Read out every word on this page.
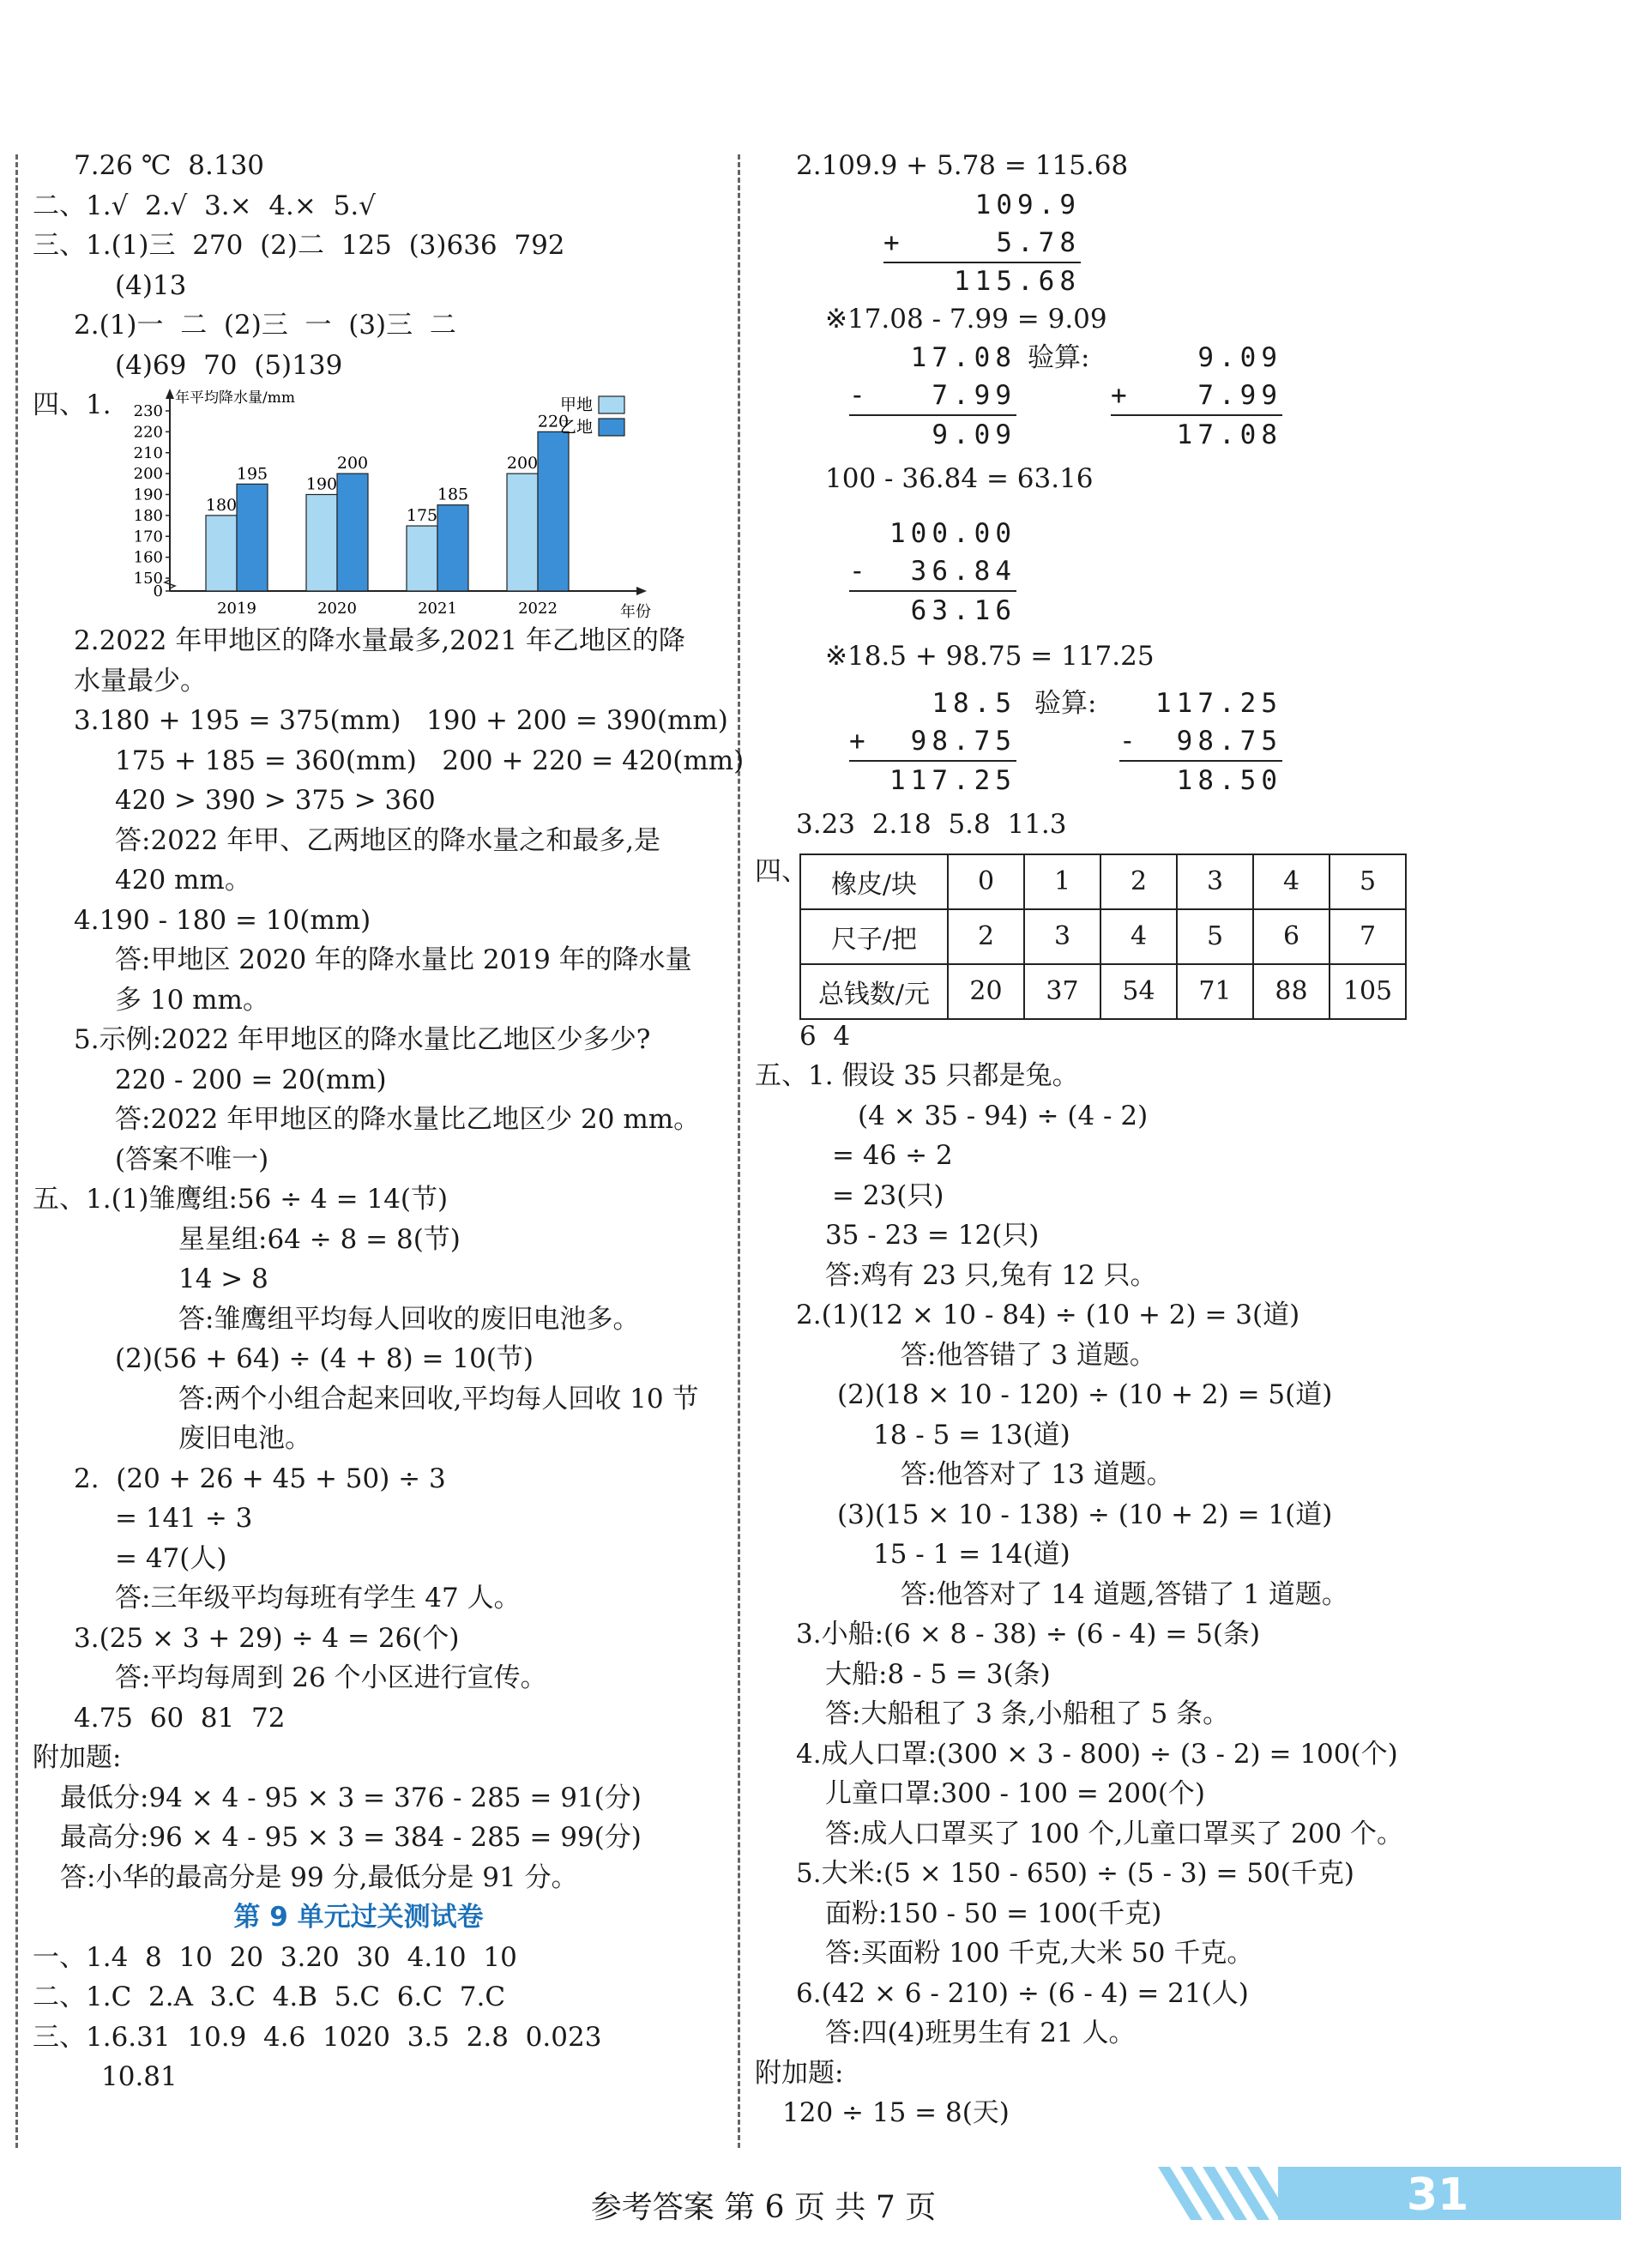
7.26 ℃  8.130
二、1.√  2.√  3.×  4.×  5.√
三、1.(1)三  270  (2)二  125  (3)636  792
(4)13
2.(1)一  二  (2)三  一  (3)三  二
(4)69  70  (5)139
四、1.	年平均降水量/mm
年份
0
150
160
170
180
190
200
210
220
230
180
195
2019
190
200
2020
175
185
2021
200
220
2022
甲地
乙地
2.2022 年甲地区的降水量最多,2021 年乙地区的降
水量最少。
3.180 + 195 = 375(mm)   190 + 200 = 390(mm)
175 + 185 = 360(mm)   200 + 220 = 420(mm)
420 > 390 > 375 > 360
答:2022 年甲、乙两地区的降水量之和最多,是
420 mm。
4.190 - 180 = 10(mm)
答:甲地区 2020 年的降水量比 2019 年的降水量
多 10 mm。
5.示例:2022 年甲地区的降水量比乙地区少多少?
220 - 200 = 20(mm)
答:2022 年甲地区的降水量比乙地区少 20 mm。
(答案不唯一)
五、1.(1)雏鹰组:56 ÷ 4 = 14(节)
星星组:64 ÷ 8 = 8(节)
14 > 8
答:雏鹰组平均每人回收的废旧电池多。
(2)(56 + 64) ÷ (4 + 8) = 10(节)
答:两个小组合起来回收,平均每人回收 10 节
废旧电池。
2.  (20 + 26 + 45 + 50) ÷ 3
= 141 ÷ 3
= 47(人)
答:三年级平均每班有学生 47 人。
3.(25 × 3 + 29) ÷ 4 = 26(个)
答:平均每周到 26 个小区进行宣传。
4.75  60  81  72
附加题:
最低分:94 × 4 - 95 × 3 = 376 - 285 = 91(分)
最高分:96 × 4 - 95 × 3 = 384 - 285 = 99(分)
答:小华的最高分是 99 分,最低分是 91 分。
第 9 单元过关测试卷
一、1.4  8  10  20  3.20  30  4.10  10
二、1.C  2.A  3.C  4.B  5.C  6.C  7.C
三、1.6.31  10.9  4.6  1020  3.5  2.8  0.023
10.81
2.109.9 + 5.78 = 115.68
109.9
+	5.78
115.68
※17.08 - 7.99 = 9.09
17.08
- 7.99
9.09
验算:	9.09
+ 7.99
17.08
100 - 36.84 = 63.16
100.00
- 36.84
63.16
※18.5 + 98.75 = 117.25
18.5
+ 98.75
117.25
验算:	117.25
- 98.75
18.50
3.23  2.18  5.8  11.3
四、 橡皮/块	0	1	2	3	4	5
尺子/把	2	3	4	5	6	7
总钱数/元	20	37	54	71	88	105
6  4
五、1. 假设 35 只都是兔。
(4 × 35 - 94) ÷ (4 - 2)
= 46 ÷ 2
= 23(只)
35 - 23 = 12(只)
答:鸡有 23 只,兔有 12 只。
2.(1)(12 × 10 - 84) ÷ (10 + 2) = 3(道)
答:他答错了 3 道题。
(2)(18 × 10 - 120) ÷ (10 + 2) = 5(道)
18 - 5 = 13(道)
答:他答对了 13 道题。
(3)(15 × 10 - 138) ÷ (10 + 2) = 1(道)
15 - 1 = 14(道)
答:他答对了 14 道题,答错了 1 道题。
3.小船:(6 × 8 - 38) ÷ (6 - 4) = 5(条)
大船:8 - 5 = 3(条)
答:大船租了 3 条,小船租了 5 条。
4.成人口罩:(300 × 3 - 800) ÷ (3 - 2) = 100(个)
儿童口罩:300 - 100 = 200(个)
答:成人口罩买了 100 个,儿童口罩买了 200 个。
5.大米:(5 × 150 - 650) ÷ (5 - 3) = 50(千克)
面粉:150 - 50 = 100(千克)
答:买面粉 100 千克,大米 50 千克。
6.(42 × 6 - 210) ÷ (6 - 4) = 21(人)
答:四(4)班男生有 21 人。
附加题:
120 ÷ 15 = 8(天)
参考答案 第 6 页 共 7 页	31
